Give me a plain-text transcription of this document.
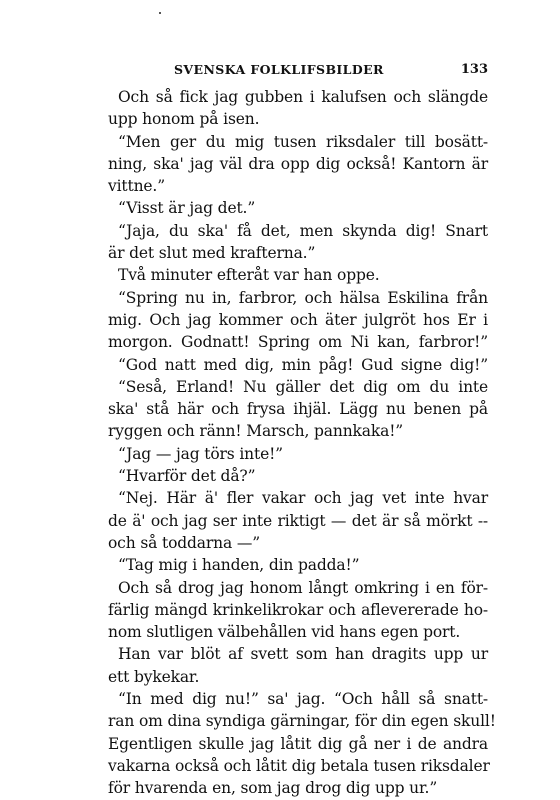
SVENSKA FOLKLIFSBILDER	133
Och så fick jag gubben i kalufsen och slängde
upp honom på isen.
“Men ger du mig tusen riksdaler till bosätt-
ning, ska' jag väl dra opp dig också! Kantorn är
vittne.”
“Visst är jag det.”
“Jaja, du ska' få det, men skynda dig! Snart
är det slut med krafterna.”
Två minuter efteråt var han oppe.
“Spring nu in, farbror, och hälsa Eskilina från
mig. Och jag kommer och äter julgröt hos Er i
morgon. Godnatt! Spring om Ni kan, farbror!”
“God natt med dig, min påg! Gud signe dig!”
“Seså, Erland! Nu gäller det dig om du inte
ska' stå här och frysa ihjäl. Lägg nu benen på
ryggen och ränn! Marsch, pannkaka!”
“Jag — jag törs inte!”
“Hvarför det då?”
“Nej. Här ä' fler vakar och jag vet inte hvar
de ä' och jag ser inte riktigt — det är så mörkt --
och så toddarna —”
“Tag mig i handen, din padda!”
Och så drog jag honom långt omkring i en för-
färlig mängd krinkelikrokar och aflevererade ho-
nom slutligen välbehållen vid hans egen port.
Han var blöt af svett som han dragits upp ur
ett bykekar.
“In med dig nu!” sa' jag. “Och håll så snatt-
ran om dina syndiga gärningar, för din egen skull!
Egentligen skulle jag låtit dig gå ner i de andra
vakarna också och låtit dig betala tusen riksdaler
för hvarenda en, som jag drog dig upp ur.”
